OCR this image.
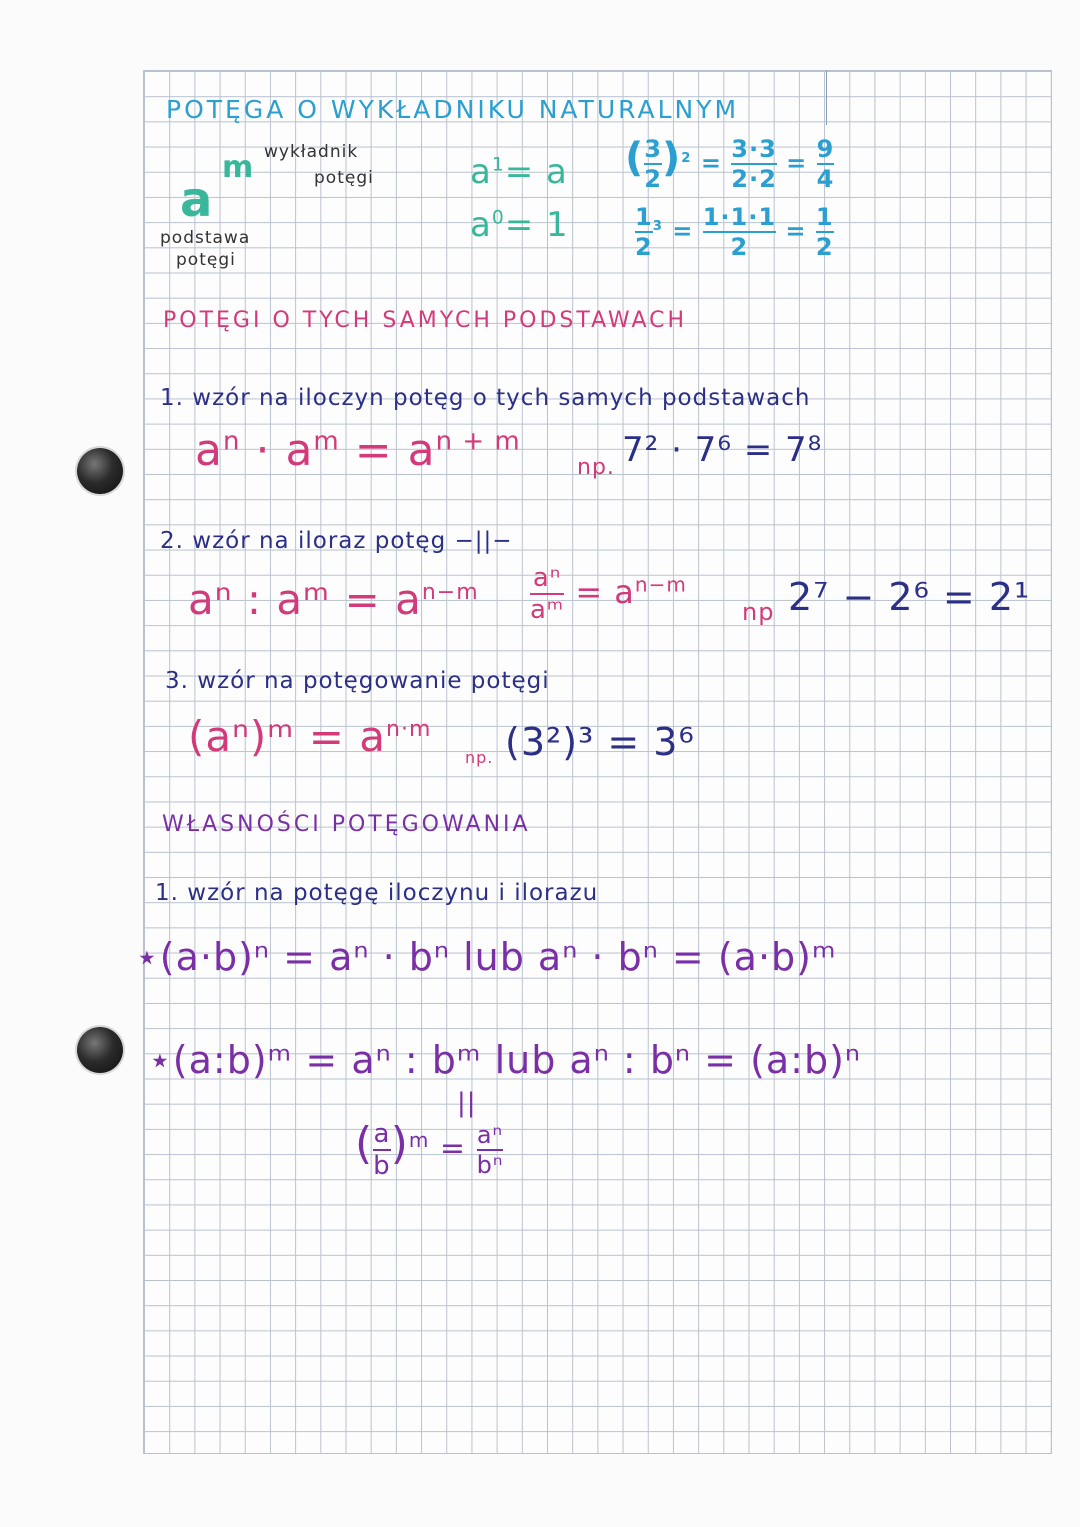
POTĘGA O WYKŁADNIKU NATURALNYM
a
m wykładnik
potęgi
podstawa
potęgi
$a^1= a$
$a^0= 1$
( $\frac{3}{2} )^2 = \frac{3\cdot 3}{2\cdot 2} = \frac{9}{4}$
$\frac{1}{2} ^3 = \frac{1\cdot 1\cdot 1}{2} = \frac{1}{2}$
POTĘGI O TYCH SAMYCH PODSTAWACH
1. wzór na iloczyn potęg o tych samych podstawach
$a^n \cdot a^m = a^{n + m}$
np. 7² · 7⁶ = 7⁸
2. wzór na iloraz potęg −||−
aⁿ : aᵐ = $a^{n-m} \frac{\text{aⁿ}}{\text{aᵐ}} = a^{n-m}$
np 2⁷ − 2⁶ = 2¹
3. wzór na potęgowanie potęgi
(aⁿ)ᵐ = $a^{n\cdot m}$
np. (3²)³ = 3⁶
WŁASNOŚCI POTĘGOWANIA
1. wzór na potęgę iloczynu i ilorazu
⋆(a·b)ⁿ = aⁿ · bⁿ lub aⁿ · bⁿ = (a·b)ᵐ
⋆(a:b)ᵐ = aⁿ : bᵐ lub aⁿ : bⁿ = (a:b)ⁿ
||
( $\frac{a}{b} )^m = \frac{\text{aⁿ}}{\text{bⁿ}}$
